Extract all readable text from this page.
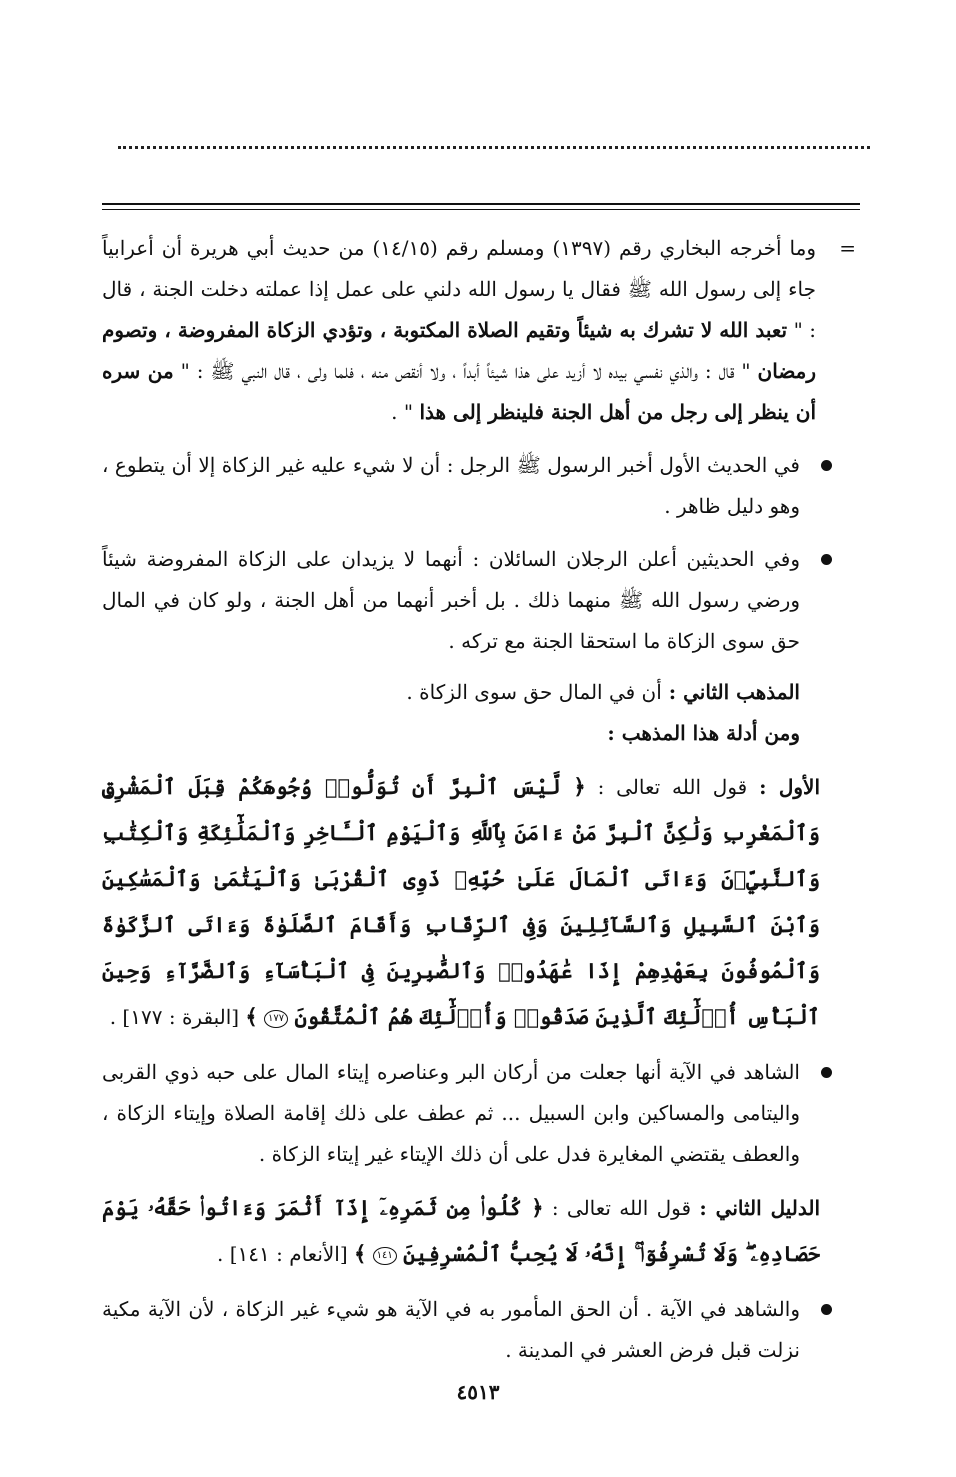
=
وما أخرجه البخاري رقم (١٣٩٧) ومسلم رقم (١٤/١٥) من حديث أبي هريرة أن أعرابياً جاء إلى رسول الله ﷺ فقال يا رسول الله دلني على عمل إذا عملته دخلت الجنة ، قال : " تعبد الله لا تشرك به شيئاً وتقيم الصلاة المكتوبة ، وتؤدي الزكاة المفروضة ، وتصوم رمضان " قال : والذي نفسي بيده لا أزيد على هذا شيئاً أبداً ، ولا أنقص منه ، فلما ولى ، قال النبي ﷺ : " من سره أن ينظر إلى رجل من أهل الجنة فلينظر إلى هذا " .

في الحديث الأول أخبر الرسول ﷺ الرجل : أن لا شيء عليه غير الزكاة إلا أن يتطوع ، وهو دليل ظاهر .

وفي الحديثين أعلن الرجلان السائلان : أنهما لا يزيدان على الزكاة المفروضة شيئاً ورضي رسول الله ﷺ منهما ذلك . بل أخبر أنهما من أهل الجنة ، ولو كان في المال حق سوى الزكاة ما استحقا الجنة مع تركه .

المذهب الثاني : أن في المال حق سوى الزكاة .

ومن أدلة هذا المذهب :

الأول : قول الله تعالى : ﴿ لَّيْسَ ٱلْبِرَّ أَن تُوَلُّوا۟ وُجُوهَكُمْ قِبَلَ ٱلْمَشْرِقِ وَٱلْمَغْرِبِ وَلَٰكِنَّ ٱلْبِرَّ مَنْ ءَامَنَ بِٱللَّهِ وَٱلْيَوْمِ ٱلْـَٔاخِرِ وَٱلْمَلَٰٓئِكَةِ وَٱلْكِتَٰبِ وَٱلنَّبِيِّۦنَ وَءَاتَى ٱلْمَالَ عَلَىٰ حُبِّهِۦ ذَوِى ٱلْقُرْبَىٰ وَٱلْيَتَٰمَىٰ وَٱلْمَسَٰكِينَ وَٱبْنَ ٱلسَّبِيلِ وَٱلسَّآئِلِينَ وَفِى ٱلرِّقَابِ وَأَقَامَ ٱلصَّلَوٰةَ وَءَاتَى ٱلزَّكَوٰةَ وَٱلْمُوفُونَ بِعَهْدِهِمْ إِذَا عَٰهَدُوا۟ وَٱلصَّٰبِرِينَ فِى ٱلْبَأْسَآءِ وَٱلضَّرَّآءِ وَحِينَ ٱلْبَأْسِ أُو۟لَٰٓئِكَ ٱلَّذِينَ صَدَقُوا۟ وَأُو۟لَٰٓئِكَ هُمُ ٱلْمُتَّقُونَ ١٧٧ ﴾ [البقرة : ١٧٧] .

الشاهد في الآية أنها جعلت من أركان البر وعناصره إيتاء المال على حبه ذوي القربى واليتامى والمساكين وابن السبيل ... ثم عطف على ذلك إقامة الصلاة وإيتاء الزكاة ، والعطف يقتضي المغايرة فدل على أن ذلك الإيتاء غير إيتاء الزكاة .

الدليل الثاني : قول الله تعالى : ﴿ كُلُوا۟ مِن ثَمَرِهِۦٓ إِذَآ أَثْمَرَ وَءَاتُوا۟ حَقَّهُۥ يَوْمَ حَصَادِهِۦ ۖ وَلَا تُسْرِفُوٓا۟ ۚ إِنَّهُۥ لَا يُحِبُّ ٱلْمُسْرِفِينَ ١٤١ ﴾ [الأنعام : ١٤١] .

والشاهد في الآية . أن الحق المأمور به في الآية هو شيء غير الزكاة ، لأن الآية مكية نزلت قبل فرض العشر في المدينة .

٤٥١٣
